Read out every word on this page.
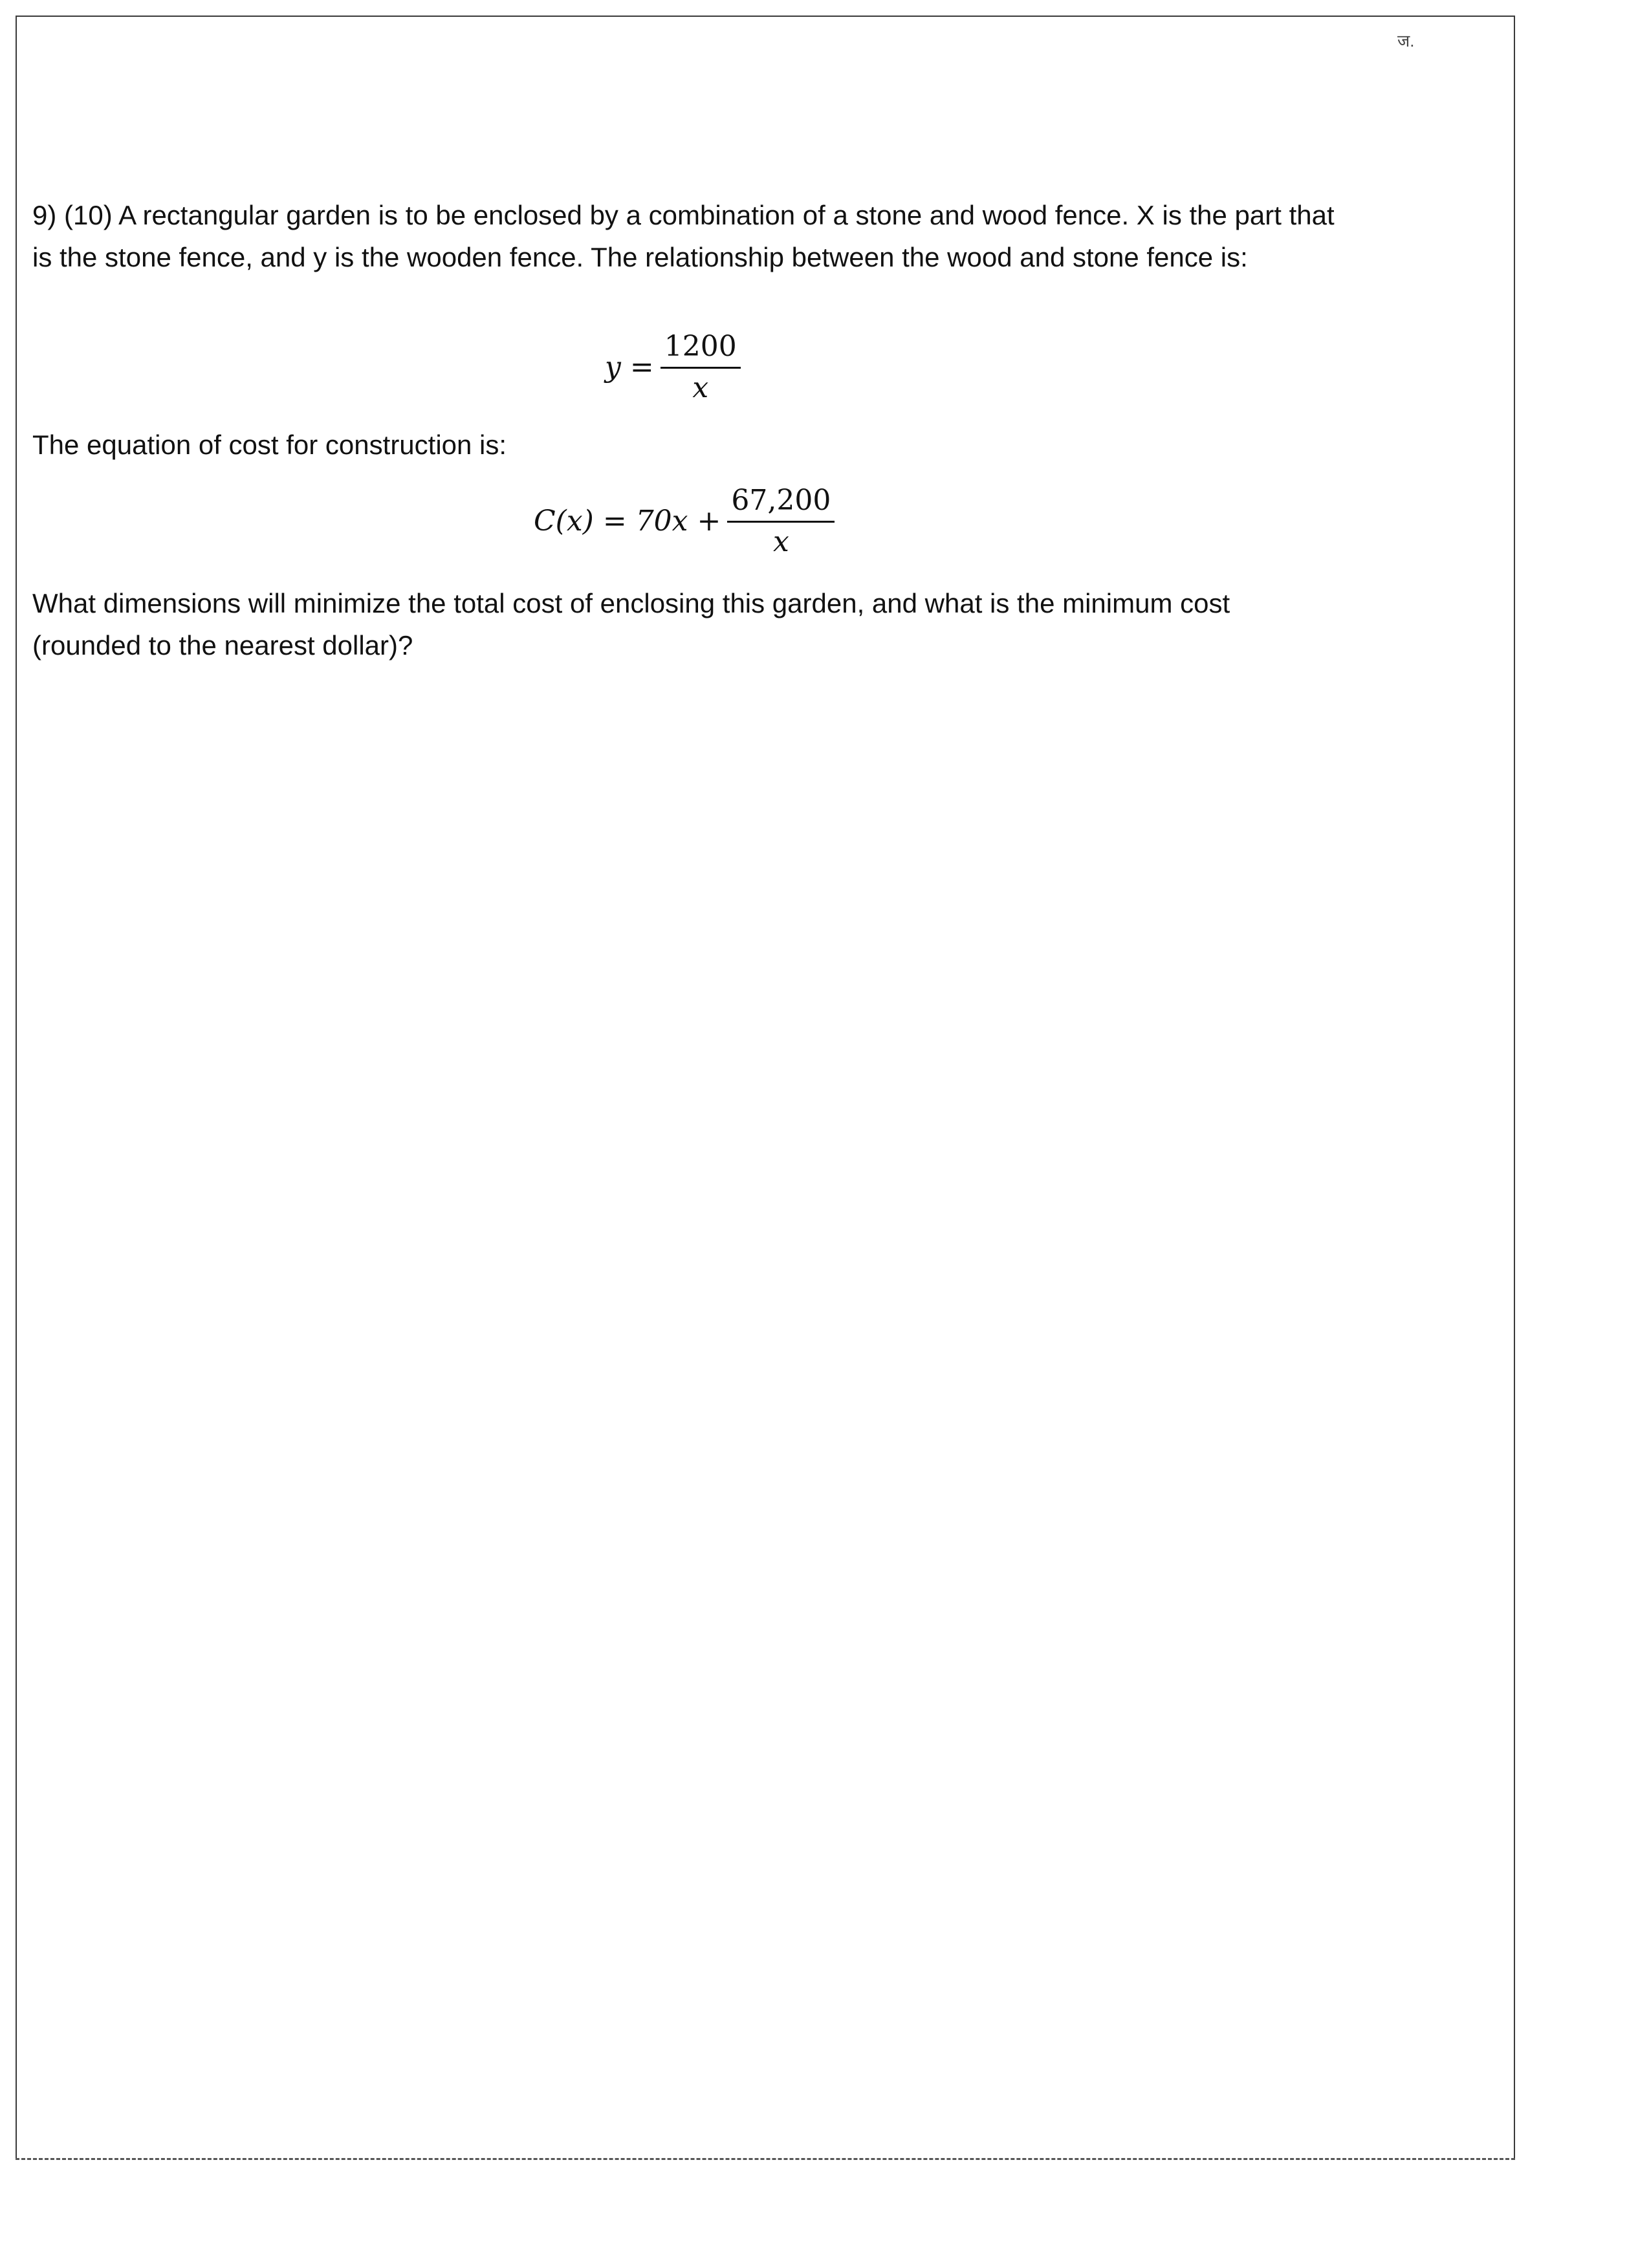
ज.
9) (10) A rectangular garden is to be enclosed by a combination of a stone and wood fence. X is the part that is the stone fence, and y is the wooden fence. The relationship between the wood and stone fence is:
$y = \frac{1200}{x}$
The equation of cost for construction is:
$C(x) = 70x + \frac{67,200}{x}$
What dimensions will minimize the total cost of enclosing this garden, and what is the minimum cost (rounded to the nearest dollar)?
